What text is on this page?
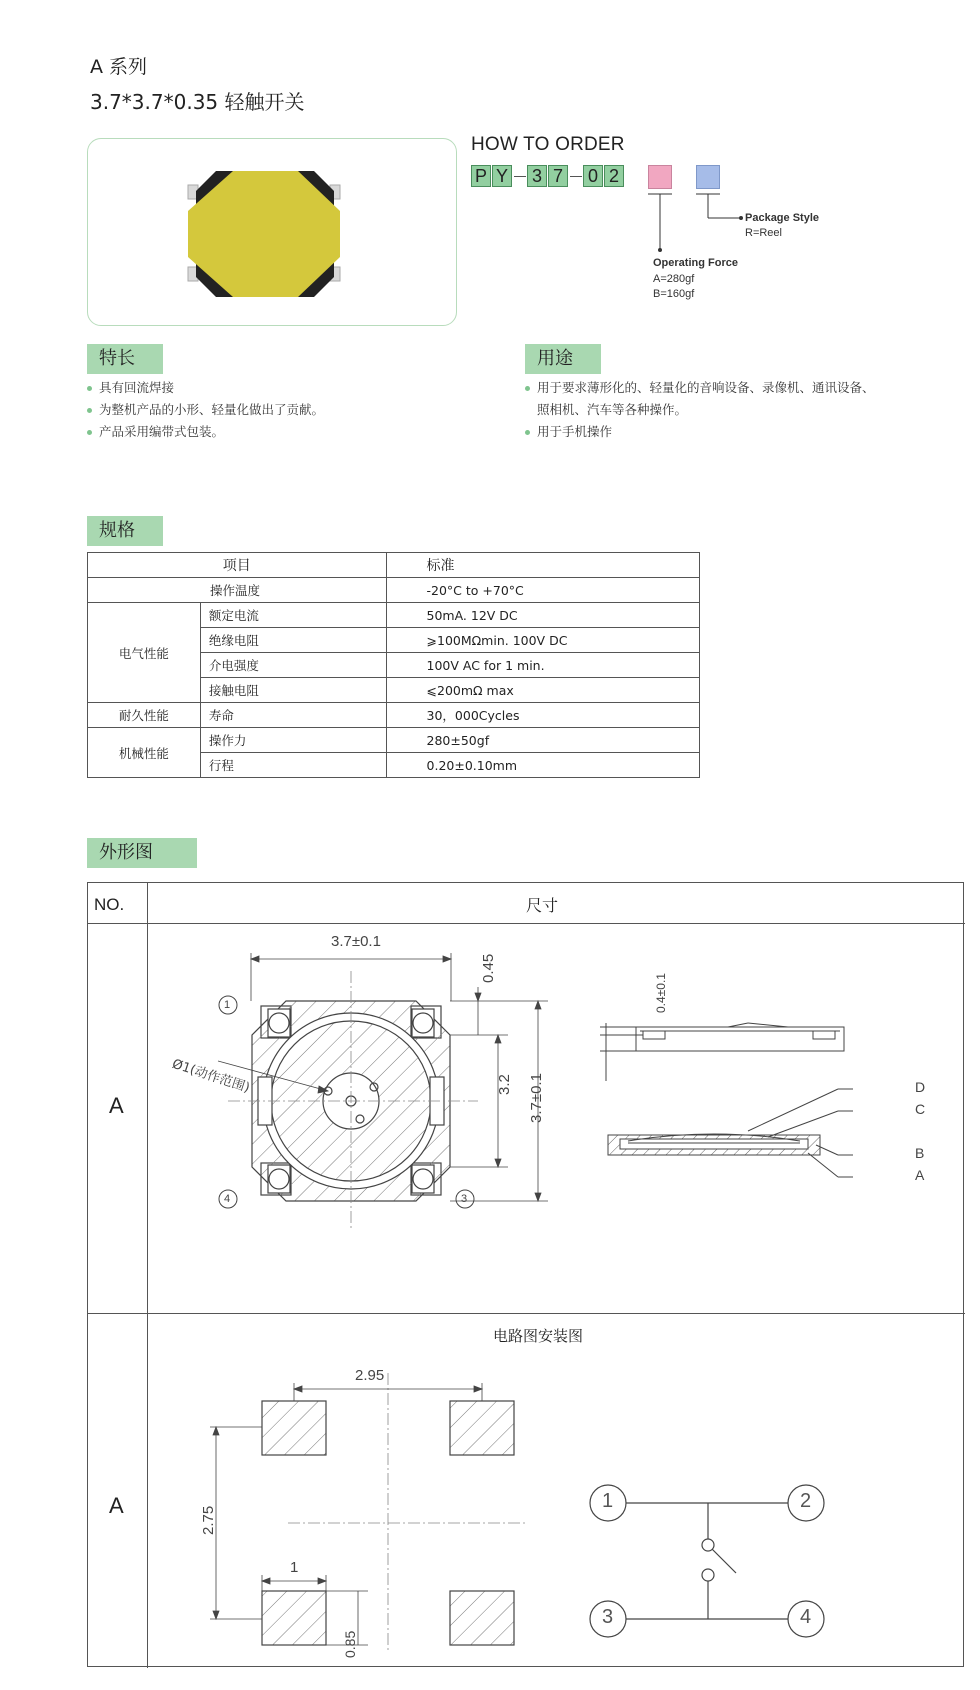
A 系列
3.7*3.7*0.35 轻触开关
HOW TO ORDER
P Y 3 7 0 2
Package Style
R=Reel
Operating Force
A=280gf
B=160gf
特长
具有回流焊接
为整机产品的小形、轻量化做出了贡献。
产品采用编带式包装。
用途
用于要求薄形化的、轻量化的音响设备、录像机、通讯设备、
照相机、汽车等各种操作。
用于手机操作
规格
项目		标准
操作温度		-20°C to +70°C
电气性能	额定电流	50mA. 12V DC
	绝缘电阻	⩾100MΩmin. 100V DC
	介电强度	100V AC for 1 min.
	接触电阻	⩽200mΩ max
耐久性能	寿命	30，000Cycles
机械性能	操作力	280±50gf
	行程	0.20±0.10mm
外形图
NO.	尺寸
A
A
电路图安装图
3.7±0.1
0.45
3.2 3.7±0.1
Ø1(动作范围)
1
4	3
0.4±0.1
D
C
B
A
2.95
2.75
1
0.85
1	2
3	4
